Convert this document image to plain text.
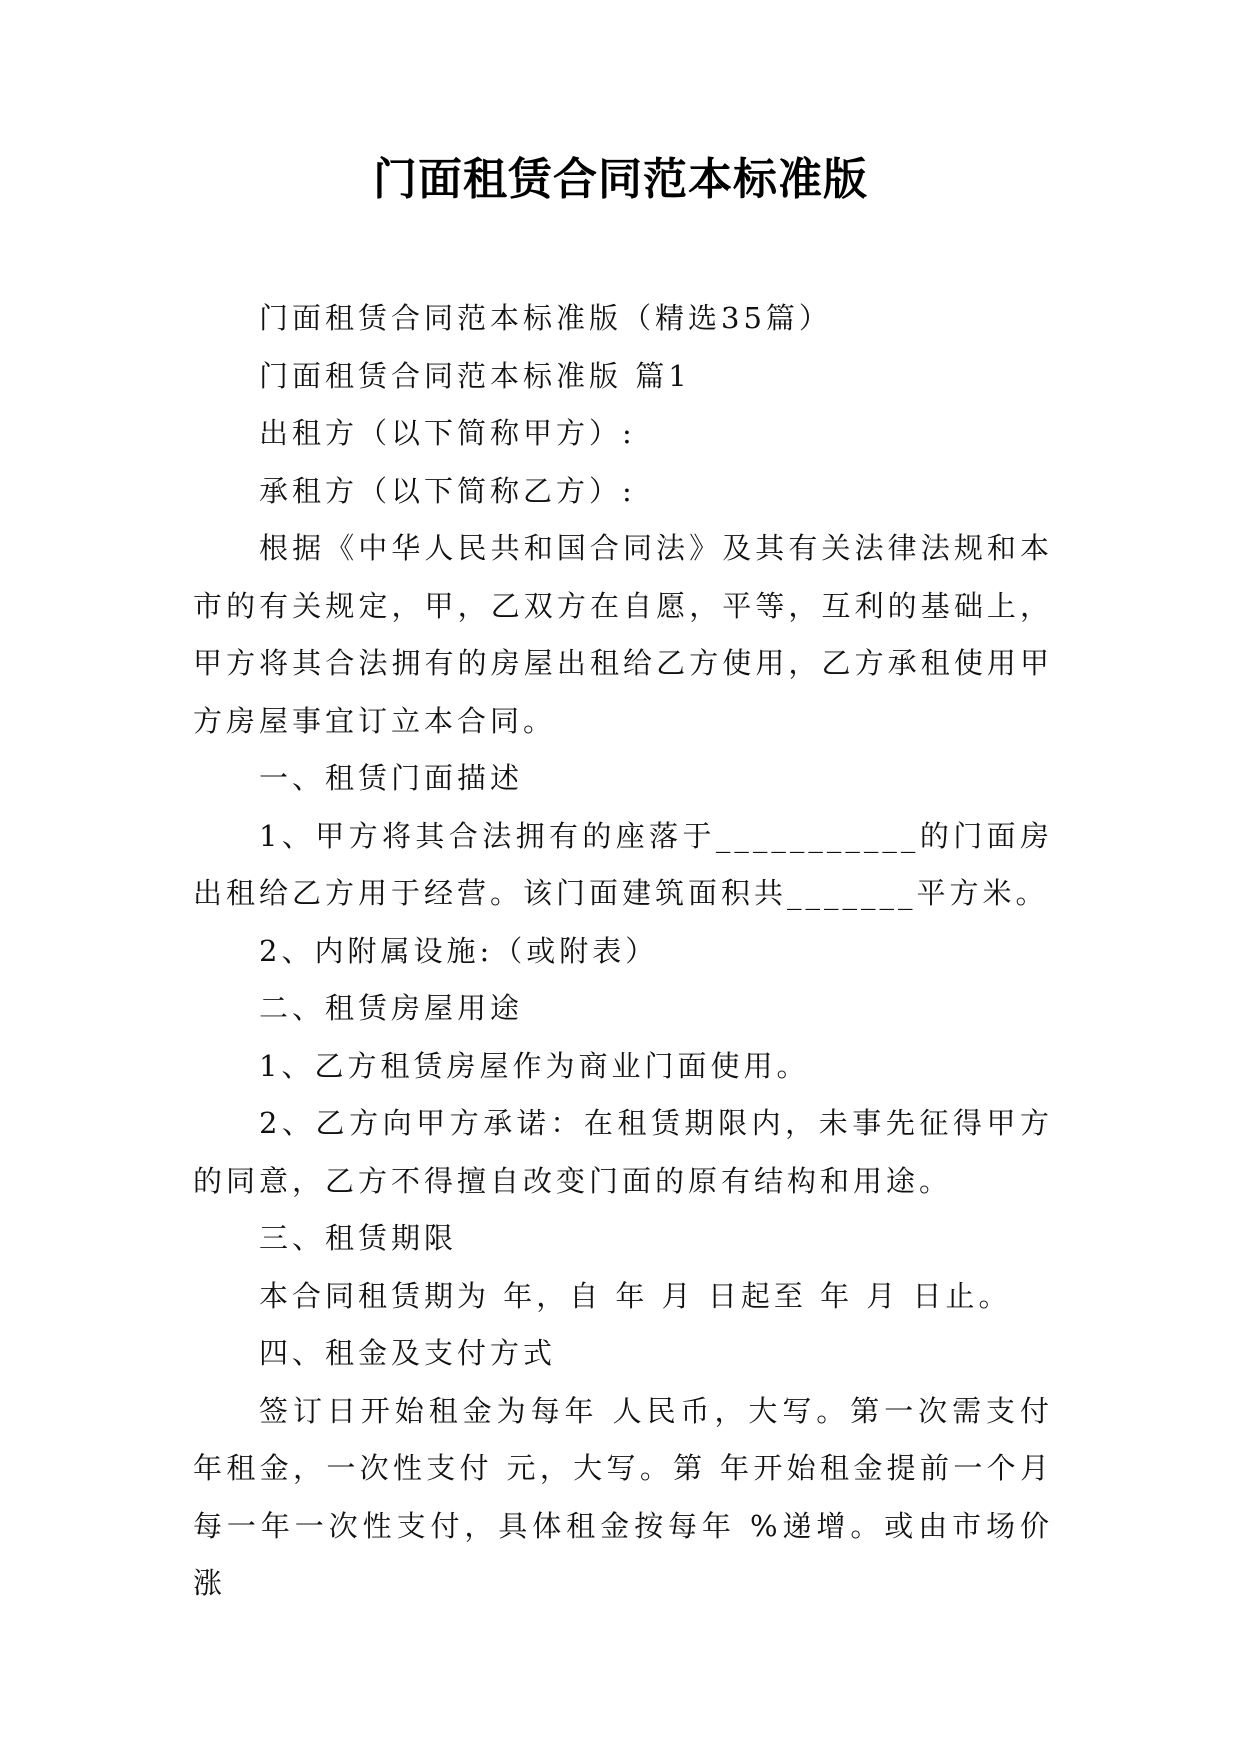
门面租赁合同范本标准版

门面租赁合同范本标准版（精选35篇）

门面租赁合同范本标准版 篇1

出租方（以下简称甲方）:

承租方（以下简称乙方）:

根据《中华人民共和国合同法》及其有关法律法规和本市的有关规定，甲，乙双方在自愿，平等，互利的基础上，甲方将其合法拥有的房屋出租给乙方使用，乙方承租使用甲方房屋事宜订立本合同。

一、租赁门面描述

1、甲方将其合法拥有的座落于___________的门面房出租给乙方用于经营。该门面建筑面积共_______平方米。

2、内附属设施:（或附表）

二、租赁房屋用途

1、乙方租赁房屋作为商业门面使用。

2、乙方向甲方承诺：在租赁期限内，未事先征得甲方的同意，乙方不得擅自改变门面的原有结构和用途。

三、租赁期限

本合同租赁期为 年，自 年 月 日起至 年 月 日止。

四、租金及支付方式

签订日开始租金为每年 人民币，大写。第一次需支付年租金，一次性支付 元，大写。第 年开始租金提前一个月每一年一次性支付，具体租金按每年 %递增。或由市场价涨
